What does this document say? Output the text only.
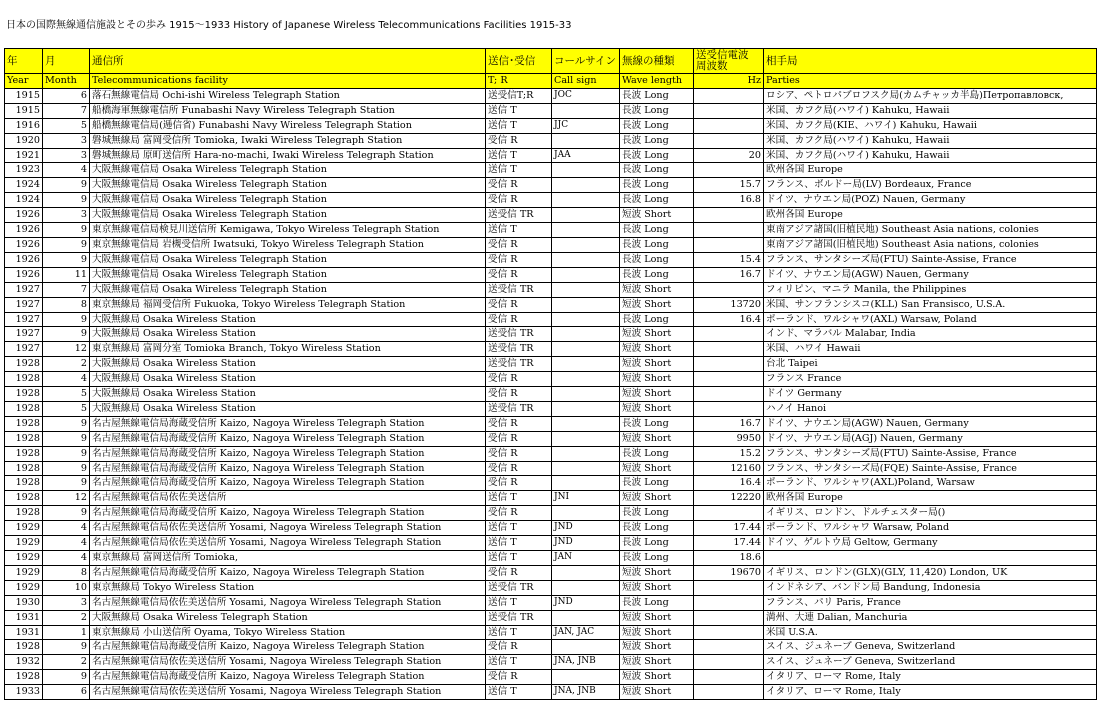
日本の国際無線通信施設とその歩み 1915～1933 History of Japanese Wireless Telecommunications Facilities 1915-33
年	月	通信所	送信･受信	コールサイン	無線の種類	送受信電波
周波数	相手局
Year	Month	Telecommunications facility	T; R	Call sign	Wave length	Hz	Parties
1915	6	落石無線電信局 Ochi-ishi Wireless Telegraph Station	送受信T;R	JOC	長波 Long		ロシア、ペトロパブロフスク局(カムチャッカ半島)Петропавловск,
1915	7	船橋海軍無線電信所 Funabashi Navy Wireless Telegraph Station	送信 T		長波 Long		米国、カフク局(ハワイ) Kahuku, Hawaii
1916	5	船橋無線電信局(逓信省) Funabashi Navy Wireless Telegraph Station	送信 T	JJC	長波 Long		米国、カフク局(KIE、ハワイ) Kahuku, Hawaii
1920	3	磐城無線局 富岡受信所 Tomioka, Iwaki Wireless Telegraph Station	受信 R		長波 Long		米国、カフク局(ハワイ) Kahuku, Hawaii
1921	3	磐城無線局 原町送信所 Hara-no-machi, Iwaki Wireless Telegraph Station	送信 T	JAA	長波 Long	20	米国、カフク局(ハワイ) Kahuku, Hawaii
1923	4	大阪無線電信局 Osaka Wireless Telegraph Station	送信 T		長波 Long		欧州各国 Europe
1924	9	大阪無線電信局 Osaka Wireless Telegraph Station	受信 R		長波 Long	15.7	フランス、ボルドー局(LV) Bordeaux, France
1924	9	大阪無線電信局 Osaka Wireless Telegraph Station	受信 R		長波 Long	16.8	ドイツ、ナウエン局(POZ) Nauen, Germany
1926	3	大阪無線電信局 Osaka Wireless Telegraph Station	送受信 TR		短波 Short		欧州各国 Europe
1926	9	東京無線電信局検見川送信所 Kemigawa, Tokyo Wireless Telegraph Station	送信 T		長波 Long		東南アジア諸国(旧植民地) Southeast Asia nations, colonies
1926	9	東京無線電信局 岩槻受信所 Iwatsuki, Tokyo Wireless Telegraph Station	受信 R		長波 Long		東南アジア諸国(旧植民地) Southeast Asia nations, colonies
1926	9	大阪無線電信局 Osaka Wireless Telegraph Station	受信 R		長波 Long	15.4	フランス、サンタシーズ局(FTU) Sainte-Assise, France
1926	11	大阪無線電信局 Osaka Wireless Telegraph Station	受信 R		長波 Long	16.7	ドイツ、ナウエン局(AGW) Nauen, Germany
1927	7	大阪無線電信局 Osaka Wireless Telegraph Station	送受信 TR		短波 Short		フィリピン、マニラ Manila, the Philippines
1927	8	東京無線局 福岡受信所 Fukuoka, Tokyo Wireless Telegraph Station	受信 R		短波 Short	13720	米国、サンフランシスコ(KLL) San Fransisco, U.S.A.
1927	9	大阪無線局 Osaka Wireless Station	受信 R		長波 Long	16.4	ポーランド、ワルシャワ(AXL) Warsaw, Poland
1927	9	大阪無線局 Osaka Wireless Station	送受信 TR		短波 Short		インド、マラバル Malabar, India
1927	12	東京無線局 富岡分室 Tomioka Branch, Tokyo Wireless Station	送受信 TR		短波 Short		米国、ハワイ Hawaii
1928	2	大阪無線局 Osaka Wireless Station	送受信 TR		短波 Short		台北 Taipei
1928	4	大阪無線局 Osaka Wireless Station	受信 R		短波 Short		フランス France
1928	5	大阪無線局 Osaka Wireless Station	受信 R		短波 Short		ドイツ Germany
1928	5	大阪無線局 Osaka Wireless Station	送受信 TR		短波 Short		ハノイ Hanoi
1928	9	名古屋無線電信局海蔵受信所 Kaizo, Nagoya Wireless Telegraph Station	受信 R		長波 Long	16.7	ドイツ、ナウエン局(AGW) Nauen, Germany
1928	9	名古屋無線電信局海蔵受信所 Kaizo, Nagoya Wireless Telegraph Station	受信 R		短波 Short	9950	ドイツ、ナウエン局(AGJ) Nauen, Germany
1928	9	名古屋無線電信局海蔵受信所 Kaizo, Nagoya Wireless Telegraph Station	受信 R		長波 Long	15.2	フランス、サンタシーズ局(FTU) Sainte-Assise, France
1928	9	名古屋無線電信局海蔵受信所 Kaizo, Nagoya Wireless Telegraph Station	受信 R		短波 Short	12160	フランス、サンタシーズ局(FQE) Sainte-Assise, France
1928	9	名古屋無線電信局海蔵受信所 Kaizo, Nagoya Wireless Telegraph Station	受信 R		長波 Long	16.4	ポーランド、ワルシャワ(AXL)Poland, Warsaw
1928	12	名古屋無線電信局依佐美送信所	送信 T	JNI	短波 Short	12220	欧州各国 Europe
1928	9	名古屋無線電信局海蔵受信所 Kaizo, Nagoya Wireless Telegraph Station	受信 R		長波 Long		イギリス、ロンドン、ドルチェスター局()
1929	4	名古屋無線電信局依佐美送信所 Yosami, Nagoya Wireless Telegraph Station	送信 T	JND	長波 Long	17.44	ポーランド、ワルシャワ Warsaw, Poland
1929	4	名古屋無線電信局依佐美送信所 Yosami, Nagoya Wireless Telegraph Station	送信 T	JND	長波 Long	17.44	ドイツ、ゲルトウ局 Geltow, Germany
1929	4	東京無線局 富岡送信所 Tomioka,	送信 T	JAN	長波 Long	18.6	
1929	8	名古屋無線電信局海蔵受信所 Kaizo, Nagoya Wireless Telegraph Station	受信 R		短波 Short	19670	イギリス、ロンドン(GLX)(GLY, 11,420) London, UK
1929	10	東京無線局 Tokyo Wireless Station	送受信 TR		短波 Short		インドネシア、バンドン局 Bandung, Indonesia
1930	3	名古屋無線電信局依佐美送信所 Yosami, Nagoya Wireless Telegraph Station	送信 T	JND	長波 Long		フランス、パリ Paris, France
1931	2	大阪無線局 Osaka Wireless Telegraph Station	送受信 TR		短波 Short		満州、大連 Dalian, Manchuria
1931	1	東京無線局 小山送信所 Oyama, Tokyo Wireless Station	送信 T	JAN, JAC	短波 Short		米国 U.S.A.
1928	9	名古屋無線電信局海蔵受信所 Kaizo, Nagoya Wireless Telegraph Station	受信 R		短波 Short		スイス、ジュネーブ Geneva, Switzerland
1932	2	名古屋無線電信局依佐美送信所 Yosami, Nagoya Wireless Telegraph Station	送信 T	JNA, JNB	短波 Short		スイス、ジュネーブ Geneva, Switzerland
1928	9	名古屋無線電信局海蔵受信所 Kaizo, Nagoya Wireless Telegraph Station	受信 R		短波 Short		イタリア、ローマ Rome, Italy
1933	6	名古屋無線電信局依佐美送信所 Yosami, Nagoya Wireless Telegraph Station	送信 T	JNA, JNB	短波 Short		イタリア、ローマ Rome, Italy
